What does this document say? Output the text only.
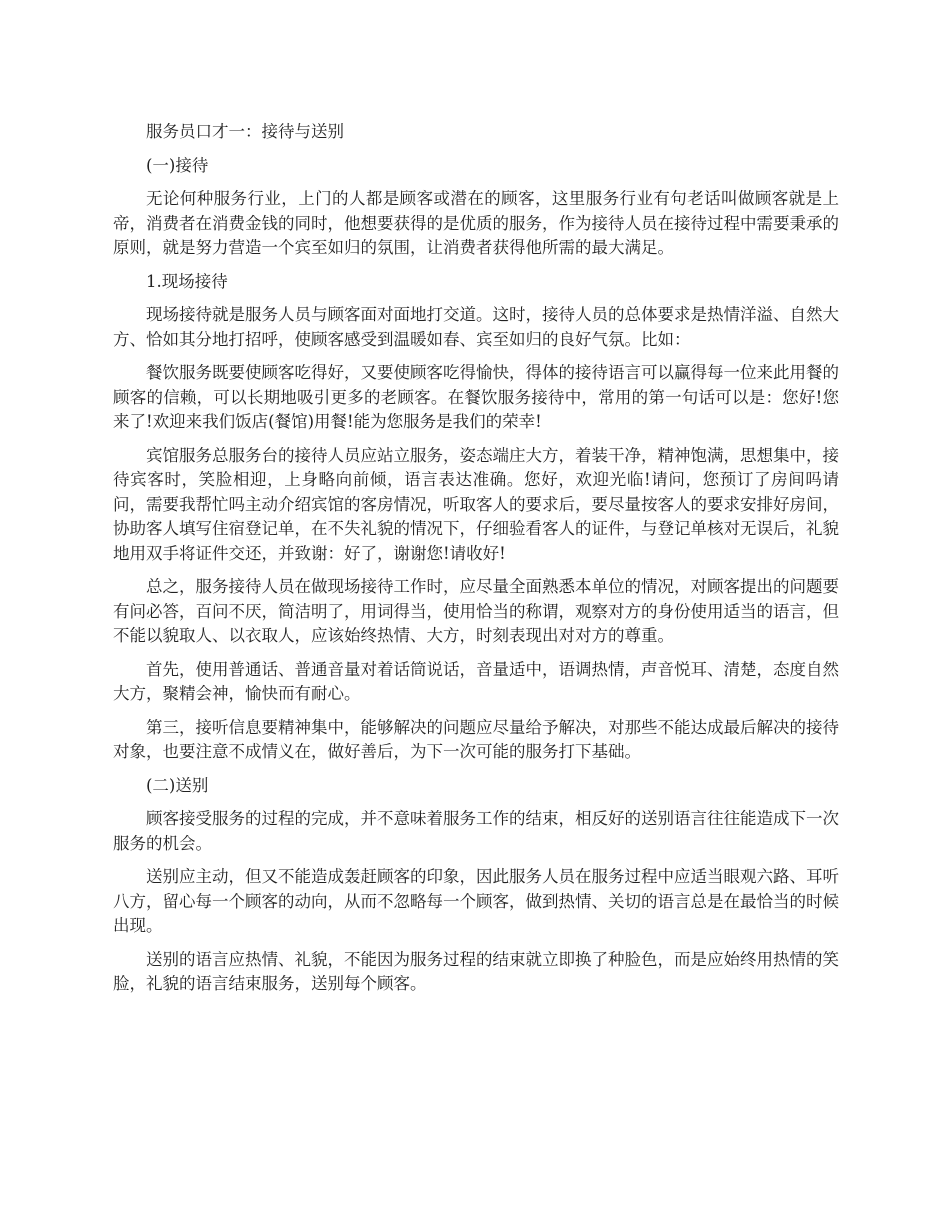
服务员口才一：接待与送别

(一)接待

无论何种服务行业，上门的人都是顾客或潜在的顾客，这里服务行业有句老话叫做顾客就是上帝，消费者在消费金钱的同时，他想要获得的是优质的服务，作为接待人员在接待过程中需要秉承的原则，就是努力营造一个宾至如归的氛围，让消费者获得他所需的最大满足。

1.现场接待

现场接待就是服务人员与顾客面对面地打交道。这时，接待人员的总体要求是热情洋溢、自然大方、恰如其分地打招呼，使顾客感受到温暖如春、宾至如归的良好气氛。比如：

餐饮服务既要使顾客吃得好，又要使顾客吃得愉快，得体的接待语言可以赢得每一位来此用餐的顾客的信赖，可以长期地吸引更多的老顾客。在餐饮服务接待中，常用的第一句话可以是：您好!您来了!欢迎来我们饭店(餐馆)用餐!能为您服务是我们的荣幸!

宾馆服务总服务台的接待人员应站立服务，姿态端庄大方，着装干净，精神饱满，思想集中，接待宾客时，笑脸相迎，上身略向前倾，语言表达准确。您好，欢迎光临!请问，您预订了房间吗请问，需要我帮忙吗主动介绍宾馆的客房情况，听取客人的要求后，要尽量按客人的要求安排好房间，协助客人填写住宿登记单，在不失礼貌的情况下，仔细验看客人的证件，与登记单核对无误后，礼貌地用双手将证件交还，并致谢：好了，谢谢您!请收好!

总之，服务接待人员在做现场接待工作时，应尽量全面熟悉本单位的情况，对顾客提出的问题要有问必答，百问不厌，简洁明了，用词得当，使用恰当的称谓，观察对方的身份使用适当的语言，但不能以貌取人、以衣取人，应该始终热情、大方，时刻表现出对对方的尊重。

首先，使用普通话、普通音量对着话筒说话，音量适中，语调热情，声音悦耳、清楚，态度自然大方，聚精会神，愉快而有耐心。

第三，接听信息要精神集中，能够解决的问题应尽量给予解决，对那些不能达成最后解决的接待对象，也要注意不成情义在，做好善后，为下一次可能的服务打下基础。

(二)送别

顾客接受服务的过程的完成，并不意味着服务工作的结束，相反好的送别语言往往能造成下一次服务的机会。

送别应主动，但又不能造成轰赶顾客的印象，因此服务人员在服务过程中应适当眼观六路、耳听八方，留心每一个顾客的动向，从而不忽略每一个顾客，做到热情、关切的语言总是在最恰当的时候出现。

送别的语言应热情、礼貌，不能因为服务过程的结束就立即换了种脸色，而是应始终用热情的笑脸，礼貌的语言结束服务，送别每个顾客。
